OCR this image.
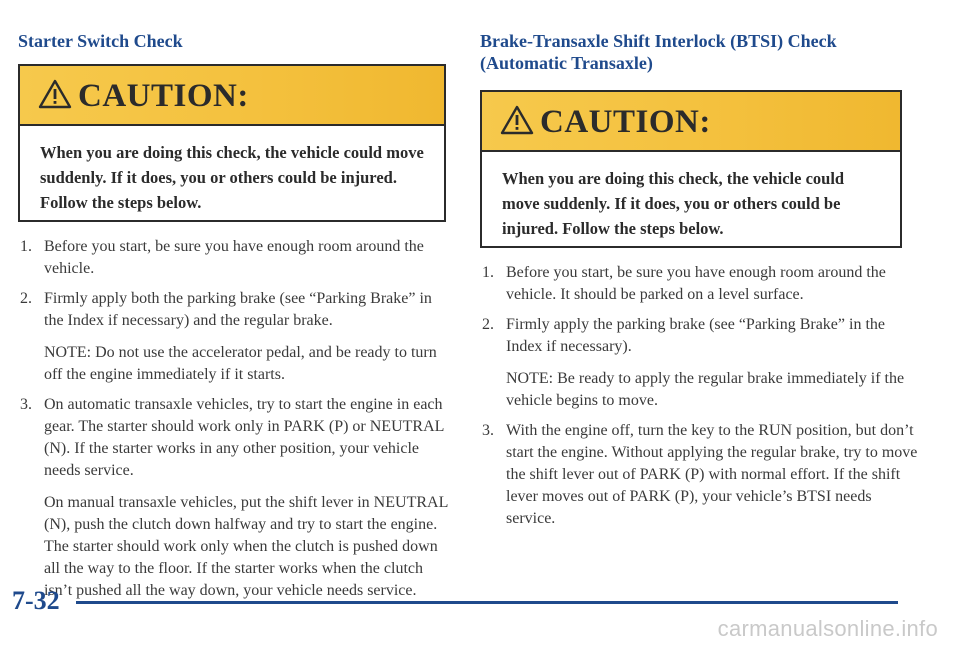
Starter Switch Check
CAUTION:

When you are doing this check, the vehicle could move suddenly. If it does, you or others could be injured. Follow the steps below.

1. Before you start, be sure you have enough room around the vehicle.

2. Firmly apply both the parking brake (see “Parking Brake” in the Index if necessary) and the regular brake.

NOTE: Do not use the accelerator pedal, and be ready to turn off the engine immediately if it starts.

3. On automatic transaxle vehicles, try to start the engine in each gear. The starter should work only in PARK (P) or NEUTRAL (N). If the starter works in any other position, your vehicle needs service.

On manual transaxle vehicles, put the shift lever in NEUTRAL (N), push the clutch down halfway and try to start the engine. The starter should work only when the clutch is pushed down all the way to the floor. If the starter works when the clutch isn’t pushed all the way down, your vehicle needs service.

Brake-Transaxle Shift Interlock (BTSI) Check (Automatic Transaxle)
CAUTION:

When you are doing this check, the vehicle could move suddenly. If it does, you or others could be injured. Follow the steps below.

1. Before you start, be sure you have enough room around the vehicle. It should be parked on a level surface.

2. Firmly apply the parking brake (see “Parking Brake” in the Index if necessary).

NOTE: Be ready to apply the regular brake immediately if the vehicle begins to move.

3. With the engine off, turn the key to the RUN position, but don’t start the engine. Without applying the regular brake, try to move the shift lever out of PARK (P) with normal effort. If the shift lever moves out of PARK (P), your vehicle’s BTSI needs service.

7-32
carmanualsonline.info
